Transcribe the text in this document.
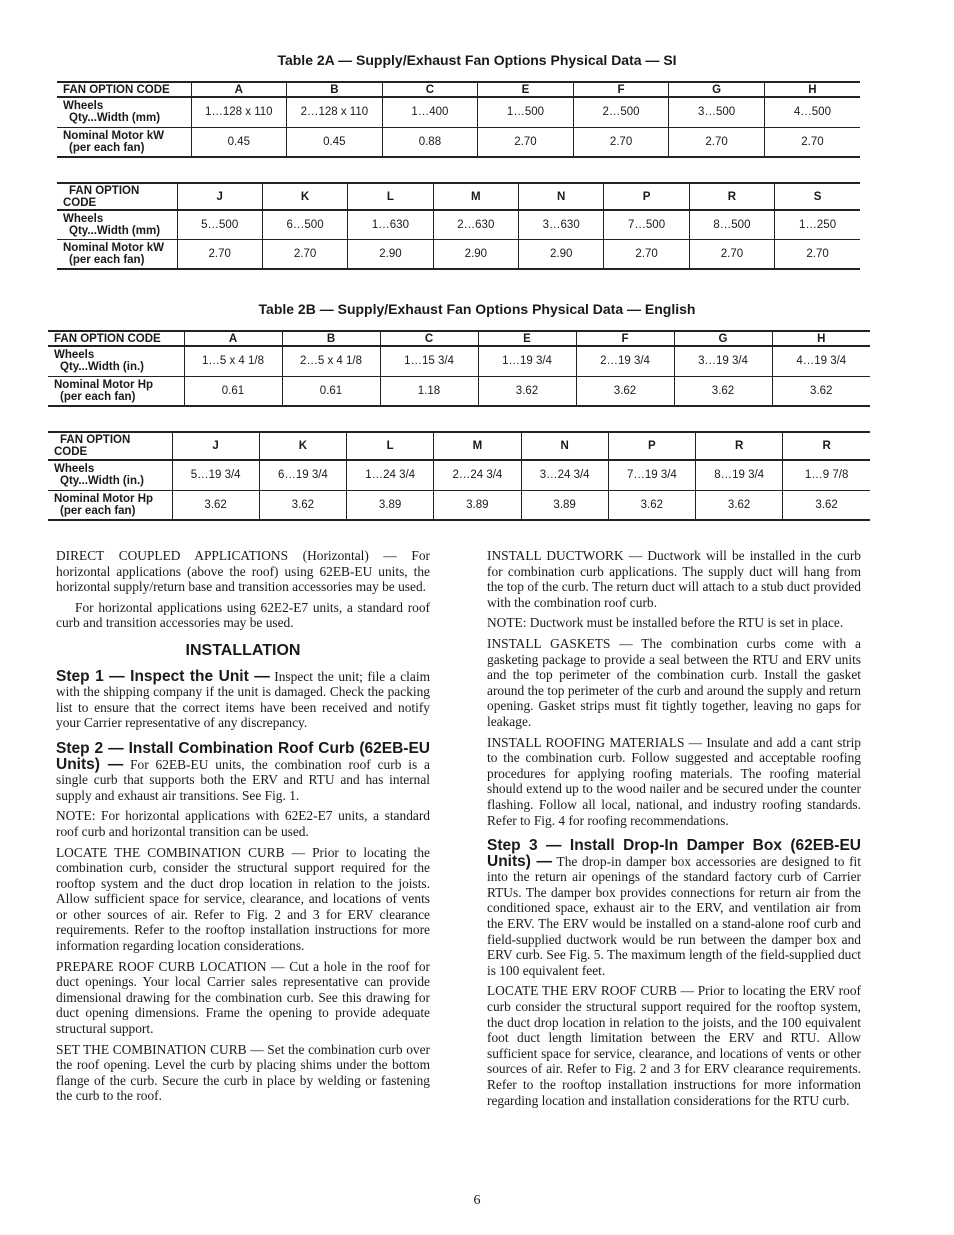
Table 2A — Supply/Exhaust Fan Options Physical Data — SI
FAN OPTION CODE	A	B	C	E	F	G	H
Wheels
Qty...Width (mm)	1…128 x 110	2…128 x 110	1…400	1…500	2…500	3…500	4…500
Nominal Motor kW
(per each fan)	0.45	0.45	0.88	2.70	2.70	2.70	2.70
FAN OPTION
CODE	J	K	L	M	N	P	R	S
Wheels
Qty...Width (mm)	5…500	6…500	1…630	2…630	3…630	7…500	8…500	1…250
Nominal Motor kW
(per each fan)	2.70	2.70	2.90	2.90	2.90	2.70	2.70	2.70
Table 2B — Supply/Exhaust Fan Options Physical Data — English
FAN OPTION CODE	A	B	C	E	F	G	H
Wheels
Qty...Width (in.)	1…5 x 4 1/8	2…5 x 4 1/8	1…15 3/4	1…19 3/4	2…19 3/4	3…19 3/4	4…19 3/4
Nominal Motor Hp
(per each fan)	0.61	0.61	1.18	3.62	3.62	3.62	3.62
FAN OPTION
CODE	J	K	L	M	N	P	R	R
Wheels
Qty...Width (in.)	5…19 3/4	6…19 3/4	1…24 3/4	2…24 3/4	3…24 3/4	7…19 3/4	8…19 3/4	1…9 7/8
Nominal Motor Hp
(per each fan)	3.62	3.62	3.89	3.89	3.89	3.62	3.62	3.62

DIRECT COUPLED APPLICATIONS (Horizontal) — For horizontal applications (above the roof) using 62EB-EU units, the horizontal supply/return base and transition accessories may be used.

For horizontal applications using 62E2-E7 units, a standard roof curb and transition accessories may be used.

INSTALLATION

Step 1 — Inspect the Unit — Inspect the unit; file a claim with the shipping company if the unit is damaged. Check the packing list to ensure that the correct items have been received and notify your Carrier representative of any discrepancy.

Step 2 — Install Combination Roof Curb (62EB-EU Units) — For 62EB-EU units, the combination roof curb is a single curb that supports both the ERV and RTU and has internal supply and exhaust air transitions. See Fig. 1.

NOTE: For horizontal applications with 62E2-E7 units, a standard roof curb and horizontal transition can be used.

LOCATE THE COMBINATION CURB — Prior to locating the combination curb, consider the structural support required for the rooftop system and the duct drop location in relation to the joists. Allow sufficient space for service, clearance, and locations of vents or other sources of air. Refer to Fig. 2 and 3 for ERV clearance requirements. Refer to the rooftop installation instructions for more information regarding location considerations.

PREPARE ROOF CURB LOCATION — Cut a hole in the roof for duct openings. Your local Carrier sales representative can provide dimensional drawing for the combination curb. See this drawing for duct opening dimensions. Frame the opening to provide adequate structural support.

SET THE COMBINATION CURB — Set the combination curb over the roof opening. Level the curb by placing shims under the bottom flange of the curb. Secure the curb in place by welding or fastening the curb to the roof.

INSTALL DUCTWORK — Ductwork will be installed in the curb for combination curb applications. The supply duct will hang from the top of the curb. The return duct will attach to a stub duct provided with the combination roof curb.

NOTE: Ductwork must be installed before the RTU is set in place.

INSTALL GASKETS — The combination curbs come with a gasketing package to provide a seal between the RTU and ERV units and the top perimeter of the combination curb. Install the gasket around the top perimeter of the curb and around the supply and return opening. Gasket strips must fit tightly together, leaving no gaps for leakage.

INSTALL ROOFING MATERIALS — Insulate and add a cant strip to the combination curb. Follow suggested and acceptable roofing procedures for applying roofing materials. The roofing material should extend up to the wood nailer and be secured under the counter flashing. Follow all local, national, and industry roofing standards. Refer to Fig. 4 for roofing recommendations.

Step 3 — Install Drop-In Damper Box (62EB-EU Units) — The drop-in damper box accessories are designed to fit into the return air openings of the standard factory curb of Carrier RTUs. The damper box provides connections for return air from the conditioned space, exhaust air to the ERV, and ventilation air from the ERV. The ERV would be installed on a stand-alone roof curb and field-supplied ductwork would be run between the damper box and ERV curb. See Fig. 5. The maximum length of the field-supplied duct is 100 equivalent feet.

LOCATE THE ERV ROOF CURB — Prior to locating the ERV roof curb consider the structural support required for the rooftop system, the duct drop location in relation to the joists, and the 100 equivalent foot duct length limitation between the ERV and RTU. Allow sufficient space for service, clearance, and locations of vents or other sources of air. Refer to Fig. 2 and 3 for ERV clearance requirements. Refer to the rooftop installation instructions for more information regarding location and installation considerations for the RTU curb.

6
